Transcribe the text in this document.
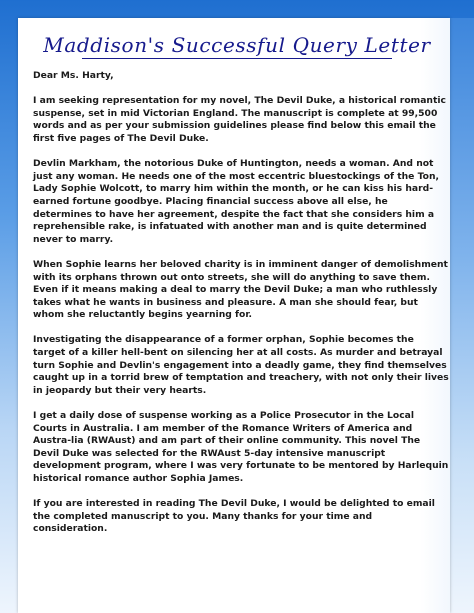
Maddison's Successful Query Letter

Dear Ms. Harty,

I am seeking representation for my novel, The Devil Duke, a historical romantic suspense, set in mid Victorian England. The manuscript is complete at 99,500 words and as per your submission guidelines please find below this email the first five pages of The Devil Duke.

Devlin Markham, the notorious Duke of Huntington, needs a woman. And not just any woman. He needs one of the most eccentric bluestockings of the Ton, Lady Sophie Wolcott, to marry him within the month, or he can kiss his hard-earned fortune goodbye. Placing financial success above all else, he determines to have her agreement, despite the fact that she considers him a reprehensible rake, is infatuated with another man and is quite determined never to marry.

When Sophie learns her beloved charity is in imminent danger of demolishment with its orphans thrown out onto streets, she will do anything to save them. Even if it means making a deal to marry the Devil Duke; a man who ruthlessly takes what he wants in business and pleasure. A man she should fear, but whom she reluctantly begins yearning for.

Investigating the disappearance of a former orphan, Sophie becomes the target of a killer hell-bent on silencing her at all costs. As murder and betrayal turn Sophie and Devlin's engagement into a deadly game, they find themselves caught up in a torrid brew of temptation and treachery, with not only their lives in jeopardy but their very hearts.

I get a daily dose of suspense working as a Police Prosecutor in the Local Courts in Australia. I am member of the Romance Writers of America and Austra-lia (RWAust) and am part of their online community. This novel The Devil Duke was selected for the RWAust 5-day intensive manuscript development program, where I was very fortunate to be mentored by Harlequin historical romance author Sophia James.

If you are interested in reading The Devil Duke, I would be delighted to email the completed manuscript to you. Many thanks for your time and consideration.
